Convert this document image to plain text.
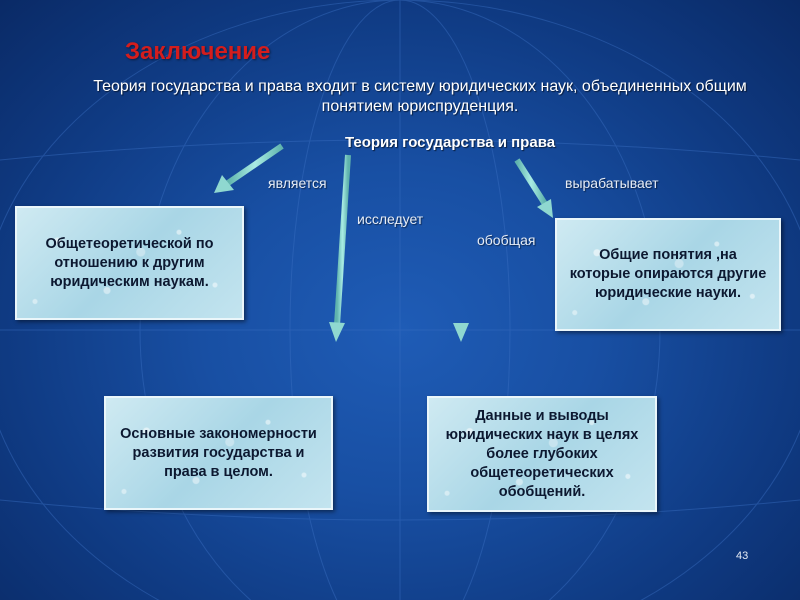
Заключение
Теория государства и права входит в систему юридических наук, объединенных общим понятием юриспруденция.
Теория государства и права
является
исследует
обобщая
вырабатывает
Общетеоретической по отношению к другим юридическим наукам.
Общие понятия ,на которые опираются другие юридические науки.
Основные закономерности развития государства и права в целом.
Данные и выводы юридических наук в целях более глубоких общетеоретических обобщений.
43
